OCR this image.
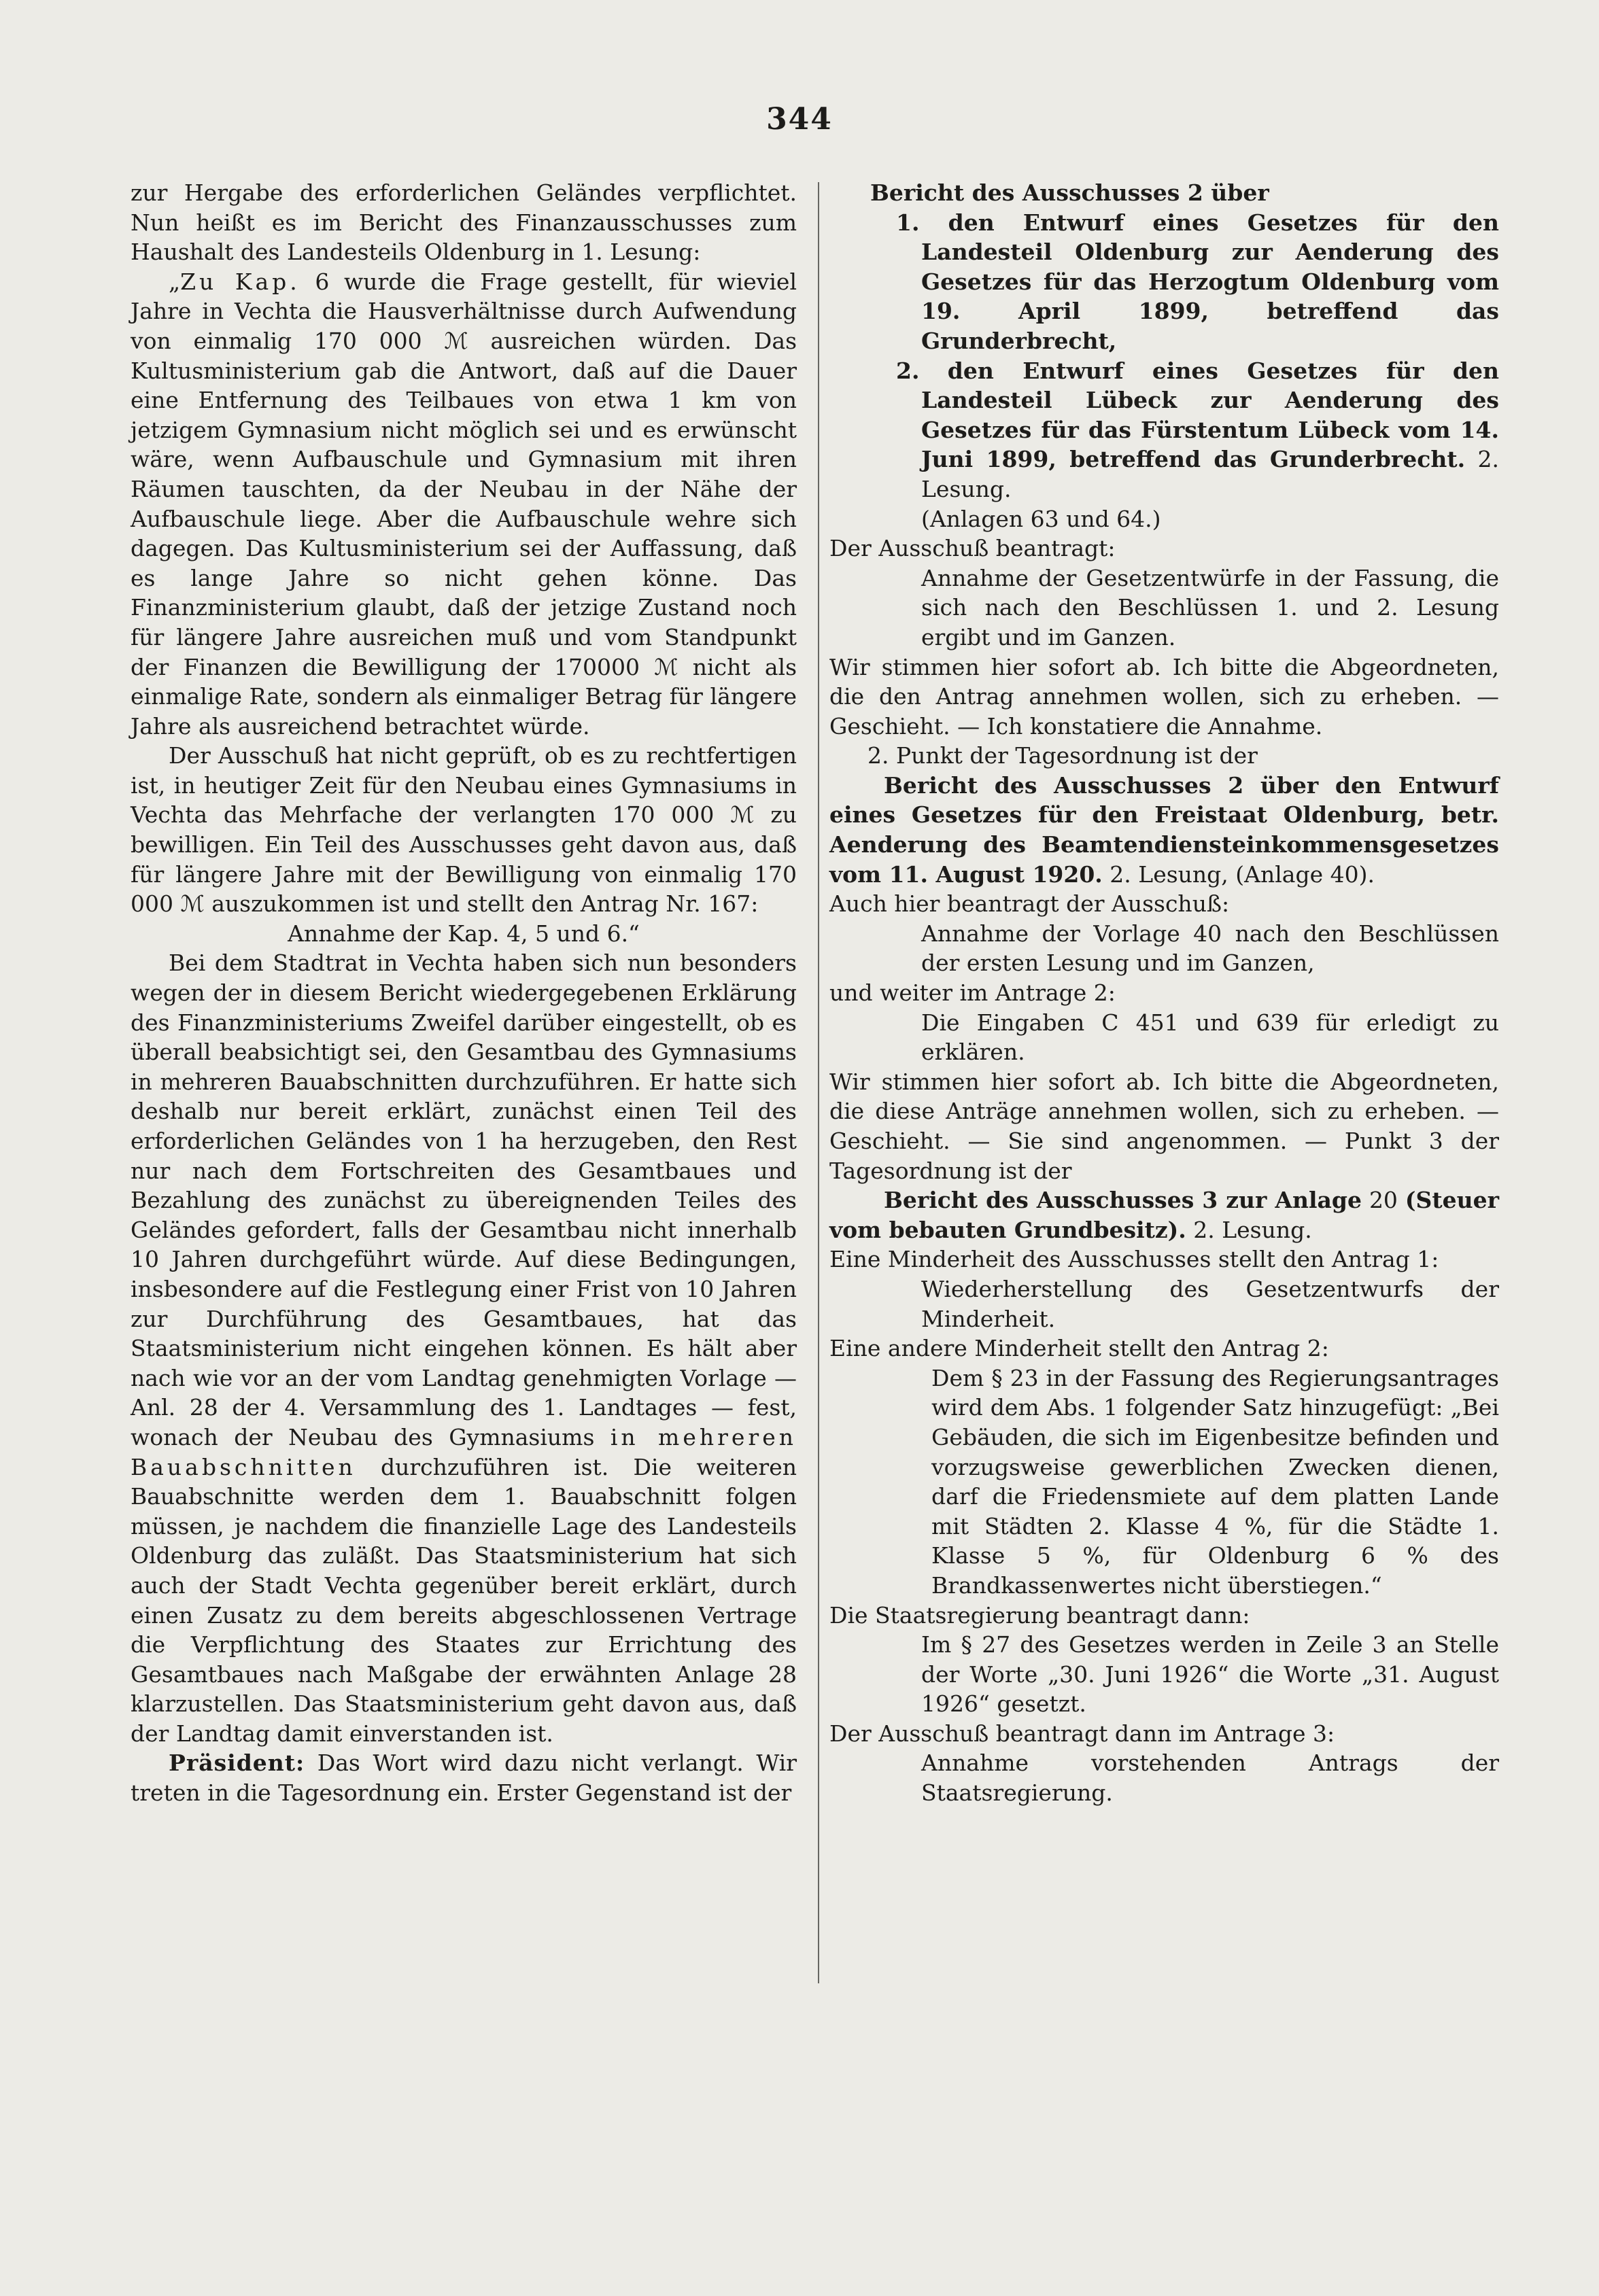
344

zur Hergabe des erforderlichen Geländes verpflichtet. Nun heißt es im Bericht des Finanzausschusses zum Haushalt des Landesteils Oldenburg in 1. Lesung:

„Zu Kap. 6 wurde die Frage gestellt, für wieviel Jahre in Vechta die Hausverhältnisse durch Aufwendung von einmalig 170 000 ℳ ausreichen würden. Das Kultusministerium gab die Antwort, daß auf die Dauer eine Entfernung des Teilbaues von etwa 1 km von jetzigem Gymnasium nicht möglich sei und es erwünscht wäre, wenn Aufbauschule und Gymnasium mit ihren Räumen tauschten, da der Neubau in der Nähe der Aufbauschule liege. Aber die Aufbauschule wehre sich dagegen. Das Kultusministerium sei der Auffassung, daß es lange Jahre so nicht gehen könne. Das Finanzministerium glaubt, daß der jetzige Zustand noch für längere Jahre ausreichen muß und vom Standpunkt der Finanzen die Bewilligung der 170000 ℳ nicht als einmalige Rate, sondern als einmaliger Betrag für längere Jahre als ausreichend betrachtet würde.

Der Ausschuß hat nicht geprüft, ob es zu rechtfertigen ist, in heutiger Zeit für den Neubau eines Gymnasiums in Vechta das Mehrfache der verlangten 170 000 ℳ zu bewilligen. Ein Teil des Ausschusses geht davon aus, daß für längere Jahre mit der Bewilligung von einmalig 170 000 ℳ auszukommen ist und stellt den Antrag Nr. 167:

Annahme der Kap. 4, 5 und 6.“

Bei dem Stadtrat in Vechta haben sich nun besonders wegen der in diesem Bericht wiedergegebenen Erklärung des Finanzministeriums Zweifel darüber eingestellt, ob es überall beabsichtigt sei, den Gesamtbau des Gymnasiums in mehreren Bauabschnitten durchzuführen. Er hatte sich deshalb nur bereit erklärt, zunächst einen Teil des erforderlichen Geländes von 1 ha herzugeben, den Rest nur nach dem Fortschreiten des Gesamtbaues und Bezahlung des zunächst zu übereignenden Teiles des Geländes gefordert, falls der Gesamtbau nicht innerhalb 10 Jahren durchgeführt würde. Auf diese Bedingungen, insbesondere auf die Festlegung einer Frist von 10 Jahren zur Durchführung des Gesamtbaues, hat das Staatsministerium nicht eingehen können. Es hält aber nach wie vor an der vom Landtag genehmigten Vorlage — Anl. 28 der 4. Versammlung des 1. Landtages — fest, wonach der Neubau des Gymnasiums in mehreren Bauabschnitten durchzuführen ist. Die weiteren Bauabschnitte werden dem 1. Bauabschnitt folgen müssen, je nachdem die finanzielle Lage des Landesteils Oldenburg das zuläßt. Das Staatsministerium hat sich auch der Stadt Vechta gegenüber bereit erklärt, durch einen Zusatz zu dem bereits abgeschlossenen Vertrage die Verpflichtung des Staates zur Errichtung des Gesamtbaues nach Maßgabe der erwähnten Anlage 28 klarzustellen. Das Staatsministerium geht davon aus, daß der Landtag damit einverstanden ist.

Präsident: Das Wort wird dazu nicht verlangt. Wir treten in die Tagesordnung ein. Erster Gegenstand ist der

Bericht des Ausschusses 2 über

1. den Entwurf eines Gesetzes für den Landesteil Oldenburg zur Aenderung des Gesetzes für das Herzogtum Oldenburg vom 19. April 1899, betreffend das Grunderbrecht,

2. den Entwurf eines Gesetzes für den Landesteil Lübeck zur Aenderung des Gesetzes für das Fürstentum Lübeck vom 14. Juni 1899, betreffend das Grunderbrecht. 2. Lesung.

(Anlagen 63 und 64.)

Der Ausschuß beantragt:

Annahme der Gesetzentwürfe in der Fassung, die sich nach den Beschlüssen 1. und 2. Lesung ergibt und im Ganzen.

Wir stimmen hier sofort ab. Ich bitte die Abgeordneten, die den Antrag annehmen wollen, sich zu erheben. — Geschieht. — Ich konstatiere die Annahme.

2. Punkt der Tagesordnung ist der

Bericht des Ausschusses 2 über den Entwurf eines Gesetzes für den Freistaat Oldenburg, betr. Aenderung des Beamtendiensteinkommensgesetzes vom 11. August 1920. 2. Lesung, (Anlage 40).

Auch hier beantragt der Ausschuß:

Annahme der Vorlage 40 nach den Beschlüssen der ersten Lesung und im Ganzen,

und weiter im Antrage 2:

Die Eingaben C 451 und 639 für erledigt zu erklären.

Wir stimmen hier sofort ab. Ich bitte die Abgeordneten, die diese Anträge annehmen wollen, sich zu erheben. — Geschieht. — Sie sind angenommen. — Punkt 3 der Tagesordnung ist der

Bericht des Ausschusses 3 zur Anlage 20 (Steuer vom bebauten Grundbesitz). 2. Lesung.

Eine Minderheit des Ausschusses stellt den Antrag 1:

Wiederherstellung des Gesetzentwurfs der Minderheit.

Eine andere Minderheit stellt den Antrag 2:

Dem § 23 in der Fassung des Regierungsantrages wird dem Abs. 1 folgender Satz hinzugefügt: „Bei Gebäuden, die sich im Eigenbesitze befinden und vorzugsweise gewerblichen Zwecken dienen, darf die Friedensmiete auf dem platten Lande mit Städten 2. Klasse 4 %, für die Städte 1. Klasse 5 %, für Oldenburg 6 % des Brandkassenwertes nicht überstiegen.“

Die Staatsregierung beantragt dann:

Im § 27 des Gesetzes werden in Zeile 3 an Stelle der Worte „30. Juni 1926“ die Worte „31. August 1926“ gesetzt.

Der Ausschuß beantragt dann im Antrage 3:

Annahme vorstehenden Antrags der Staatsregierung.
